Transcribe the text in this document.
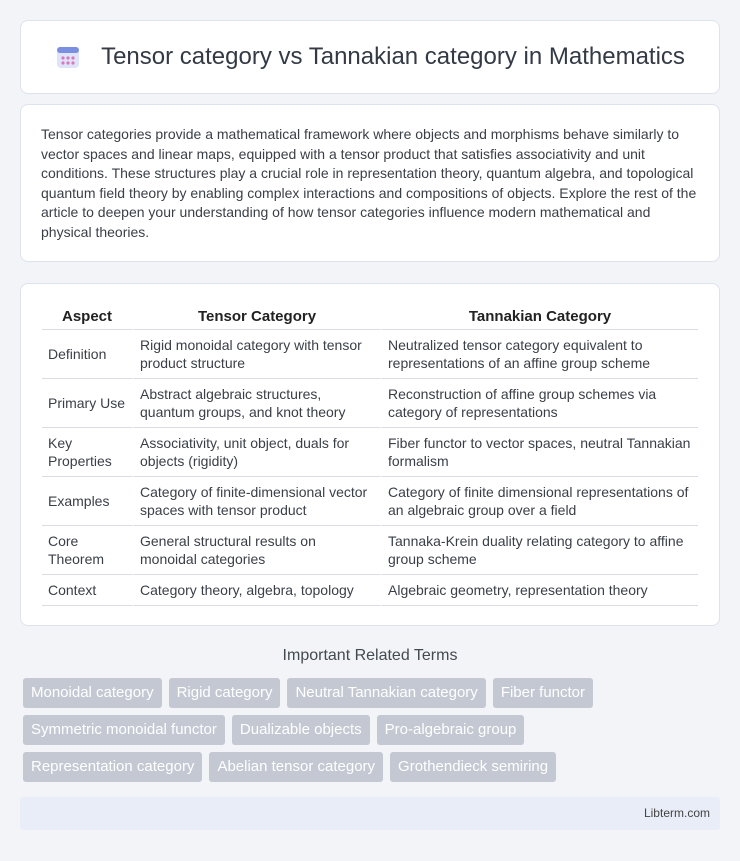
Tensor category vs Tannakian category in Mathematics

Tensor categories provide a mathematical framework where objects and morphisms behave similarly to vector spaces and linear maps, equipped with a tensor product that satisfies associativity and unit conditions. These structures play a crucial role in representation theory, quantum algebra, and topological quantum field theory by enabling complex interactions and compositions of objects. Explore the rest of the article to deepen your understanding of how tensor categories influence modern mathematical and physical theories.

Aspect	Tensor Category	Tannakian Category
Definition	Rigid monoidal category with tensor product structure	Neutralized tensor category equivalent to representations of an affine group scheme
Primary Use	Abstract algebraic structures, quantum groups, and knot theory	Reconstruction of affine group schemes via category of representations
Key Properties	Associativity, unit object, duals for objects (rigidity)	Fiber functor to vector spaces, neutral Tannakian formalism
Examples	Category of finite-dimensional vector spaces with tensor product	Category of finite dimensional representations of an algebraic group over a field
Core Theorem	General structural results on monoidal categories	Tannaka-Krein duality relating category to affine group scheme
Context	Category theory, algebra, topology	Algebraic geometry, representation theory
Important Related Terms
Monoidal category	Rigid category	Neutral Tannakian category	Fiber functor
Symmetric monoidal functor	Dualizable objects	Pro-algebraic group
Representation category	Abelian tensor category	Grothendieck semiring
Libterm.com
